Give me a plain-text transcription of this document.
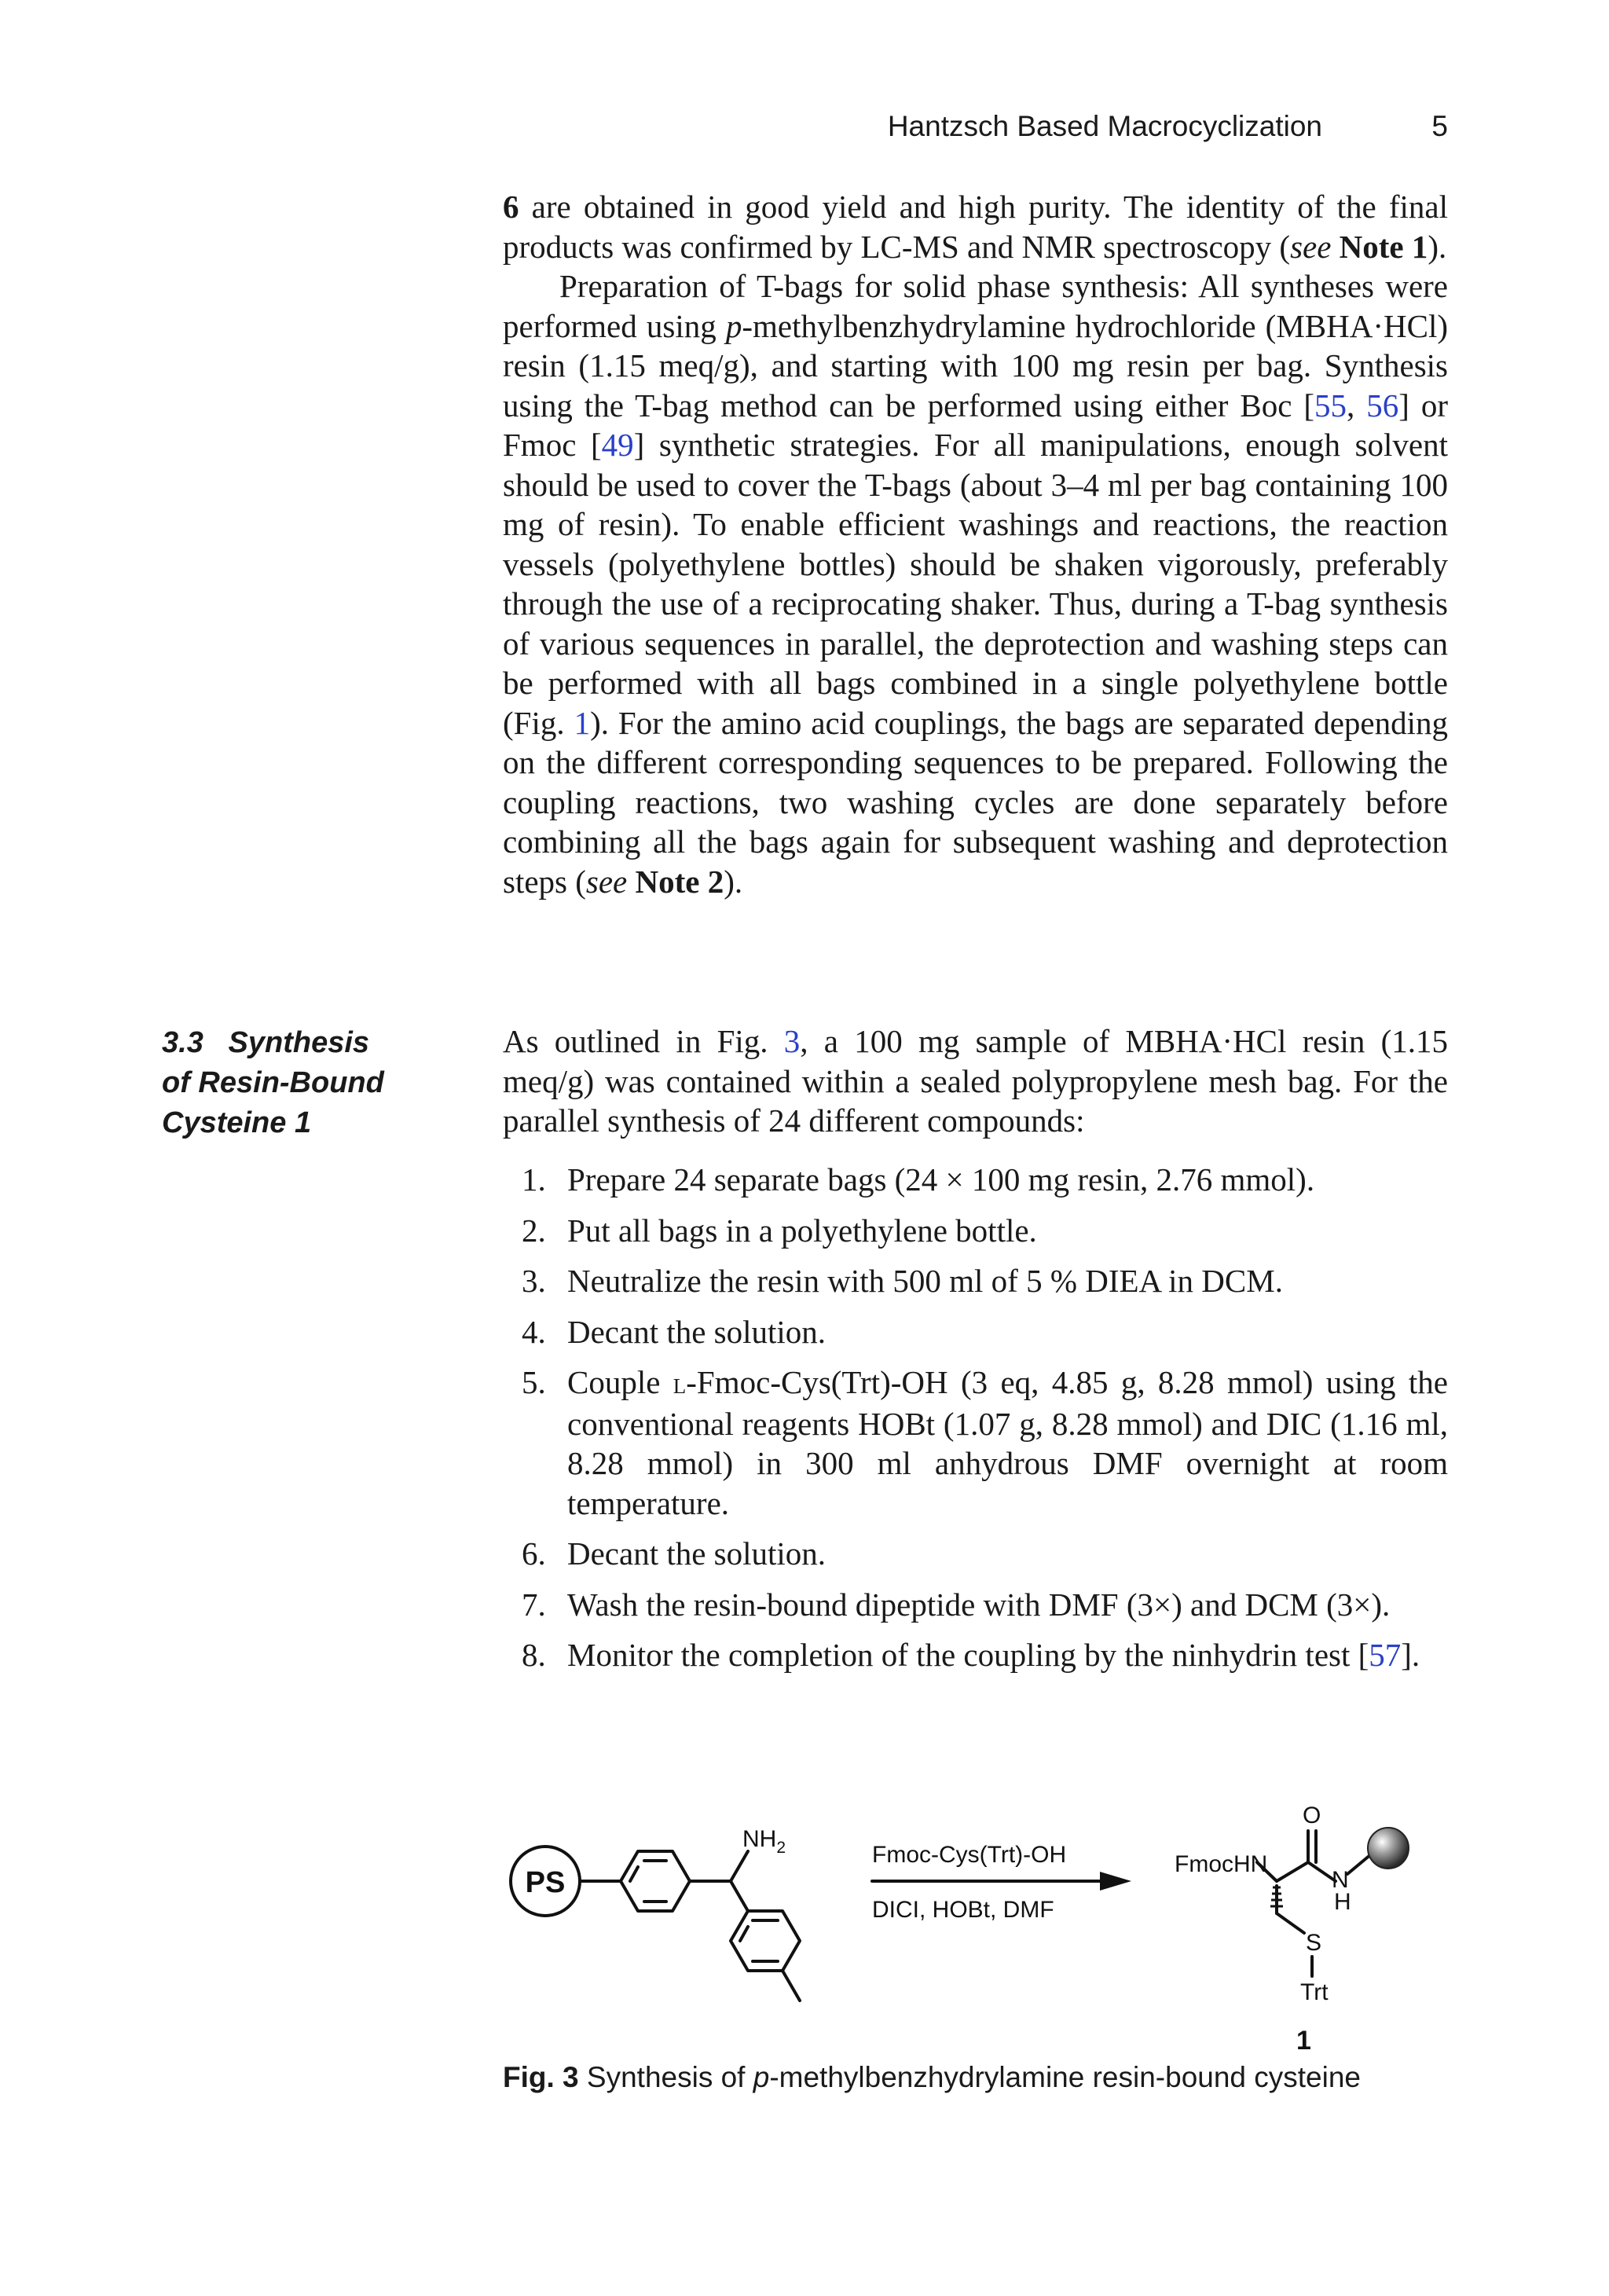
Hantzsch Based Macrocyclization	5

6 are obtained in good yield and high purity. The identity of the final products was confirmed by LC-MS and NMR spectroscopy (see Note 1).

Preparation of T-bags for solid phase synthesis: All syntheses were performed using p-methylbenzhydrylamine hydrochloride (MBHA·HCl) resin (1.15 meq/g), and starting with 100 mg resin per bag. Synthesis using the T-bag method can be performed using either Boc [55, 56] or Fmoc [49] synthetic strategies. For all manipulations, enough solvent should be used to cover the T-bags (about 3–4 ml per bag containing 100 mg of resin). To enable efficient washings and reactions, the reaction vessels (polyethylene bottles) should be shaken vigorously, preferably through the use of a reciprocating shaker. Thus, during a T-bag synthesis of various sequences in parallel, the deprotection and washing steps can be performed with all bags combined in a single polyethylene bottle (Fig. 1). For the amino acid couplings, the bags are separated depending on the different corresponding sequences to be prepared. Following the coupling reactions, two washing cycles are done separately before combining all the bags again for subsequent washing and deprotection steps (see Note 2).

3.3 Synthesis
of Resin-Bound
Cysteine 1

As outlined in Fig. 3, a 100 mg sample of MBHA·HCl resin (1.15 meq/g) was contained within a sealed polypropylene mesh bag. For the parallel synthesis of 24 different compounds:

1. Prepare 24 separate bags (24 × 100 mg resin, 2.76 mmol).
2. Put all bags in a polyethylene bottle.
3. Neutralize the resin with 500 ml of 5 % DIEA in DCM.
4. Decant the solution.
5. Couple l-Fmoc-Cys(Trt)-OH (3 eq, 4.85 g, 8.28 mmol) using the conventional reagents HOBt (1.07 g, 8.28 mmol) and DIC (1.16 ml, 8.28 mmol) in 300 ml anhydrous DMF overnight at room temperature.
6. Decant the solution.
7. Wash the resin-bound dipeptide with DMF (3×) and DCM (3×).
8. Monitor the completion of the coupling by the ninhydrin test [57].
PS
$NH_2$	Fmoc-Cys(Trt)-OH
DICI, HOBt, DMF
FmocHN
O
N
H
S
Trt
1
Fig. 3 Synthesis of p-methylbenzhydrylamine resin-bound cysteine
